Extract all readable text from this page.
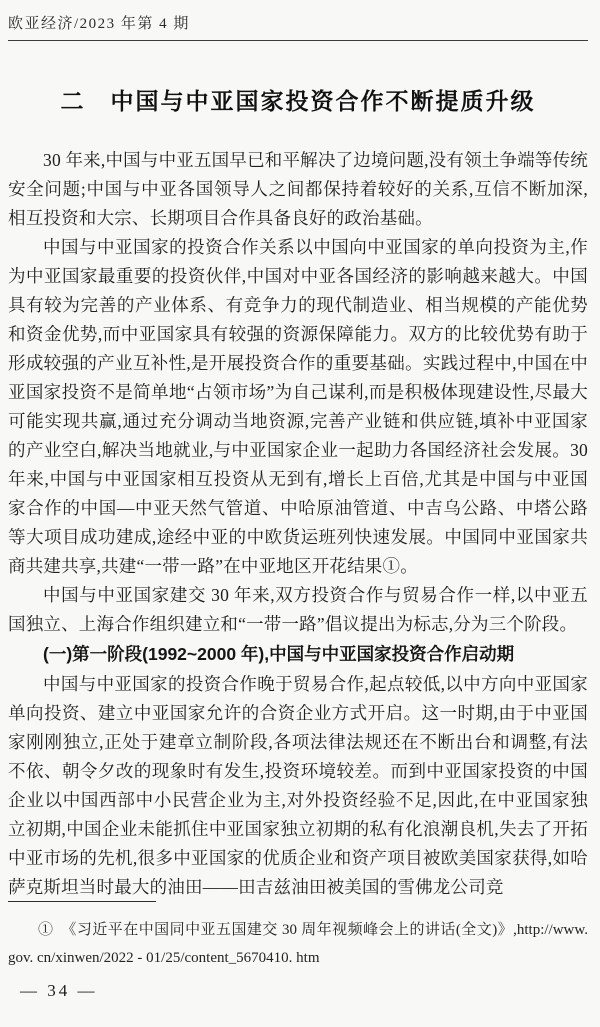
欧亚经济/2023 年第 4 期
二　中国与中亚国家投资合作不断提质升级

30 年来,中国与中亚五国早已和平解决了边境问题,没有领土争端等传统安全问题;中国与中亚各国领导人之间都保持着较好的关系,互信不断加深,相互投资和大宗、长期项目合作具备良好的政治基础。

中国与中亚国家的投资合作关系以中国向中亚国家的单向投资为主,作为中亚国家最重要的投资伙伴,中国对中亚各国经济的影响越来越大。中国具有较为完善的产业体系、有竞争力的现代制造业、相当规模的产能优势和资金优势,而中亚国家具有较强的资源保障能力。双方的比较优势有助于形成较强的产业互补性,是开展投资合作的重要基础。实践过程中,中国在中亚国家投资不是简单地“占领市场”为自己谋利,而是积极体现建设性,尽最大可能实现共赢,通过充分调动当地资源,完善产业链和供应链,填补中亚国家的产业空白,解决当地就业,与中亚国家企业一起助力各国经济社会发展。30 年来,中国与中亚国家相互投资从无到有,增长上百倍,尤其是中国与中亚国家合作的中国—中亚天然气管道、中哈原油管道、中吉乌公路、中塔公路等大项目成功建成,途经中亚的中欧货运班列快速发展。中国同中亚国家共商共建共享,共建“一带一路”在中亚地区开花结果①。

中国与中亚国家建交 30 年来,双方投资合作与贸易合作一样,以中亚五国独立、上海合作组织建立和“一带一路”倡议提出为标志,分为三个阶段。

(一)第一阶段(1992~2000 年),中国与中亚国家投资合作启动期

中国与中亚国家的投资合作晚于贸易合作,起点较低,以中方向中亚国家单向投资、建立中亚国家允许的合资企业方式开启。这一时期,由于中亚国家刚刚独立,正处于建章立制阶段,各项法律法规还在不断出台和调整,有法不依、朝令夕改的现象时有发生,投资环境较差。而到中亚国家投资的中国企业以中国西部中小民营企业为主,对外投资经验不足,因此,在中亚国家独立初期,中国企业未能抓住中亚国家独立初期的私有化浪潮良机,失去了开拓中亚市场的先机,很多中亚国家的优质企业和资产项目被欧美国家获得,如哈萨克斯坦当时最大的油田——田吉兹油田被美国的雪佛龙公司竞

①　《习近平在中国同中亚五国建交 30 周年视频峰会上的讲话(全文)》,http://www. gov. cn/xinwen/2022 - 01/25/content_5670410. htm

— 34 —
